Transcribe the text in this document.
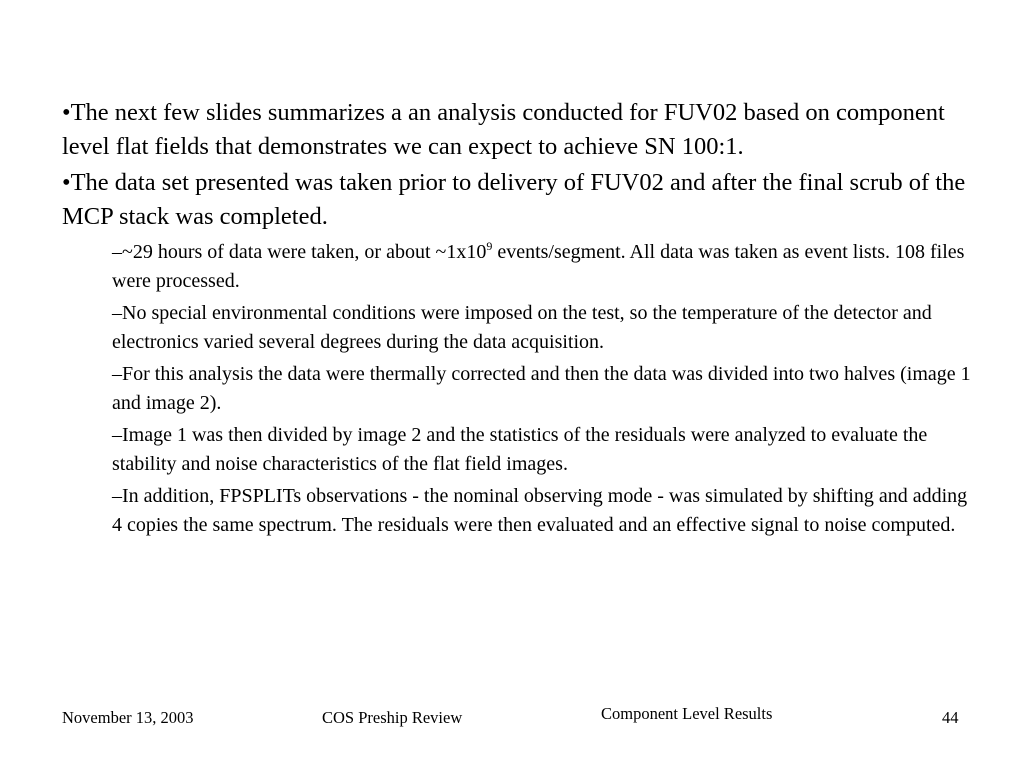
•The next few slides summarizes a an analysis conducted for FUV02 based on component level flat fields that demonstrates we can expect to achieve SN 100:1.

•The data set presented was taken prior to delivery of FUV02 and after the final scrub of the MCP stack was completed.

–~29 hours of data were taken, or about $\sim 1x10^9$ events/segment. All data was taken as event lists. 108 files were processed.

–No special environmental conditions were imposed on the test, so the temperature of the detector and electronics varied several degrees during the data acquisition.

–For this analysis the data were thermally corrected and then the data was divided into two halves (image 1 and image 2).

–Image 1 was then divided by image 2 and the statistics of the residuals were analyzed to evaluate the stability and noise characteristics of the flat field images.

–In addition, FPSPLITs observations - the nominal observing mode - was simulated by shifting and adding 4 copies the same spectrum. The residuals were then evaluated and an effective signal to noise computed.

November 13, 2003	COS Preship Review	Component Level Results	44
